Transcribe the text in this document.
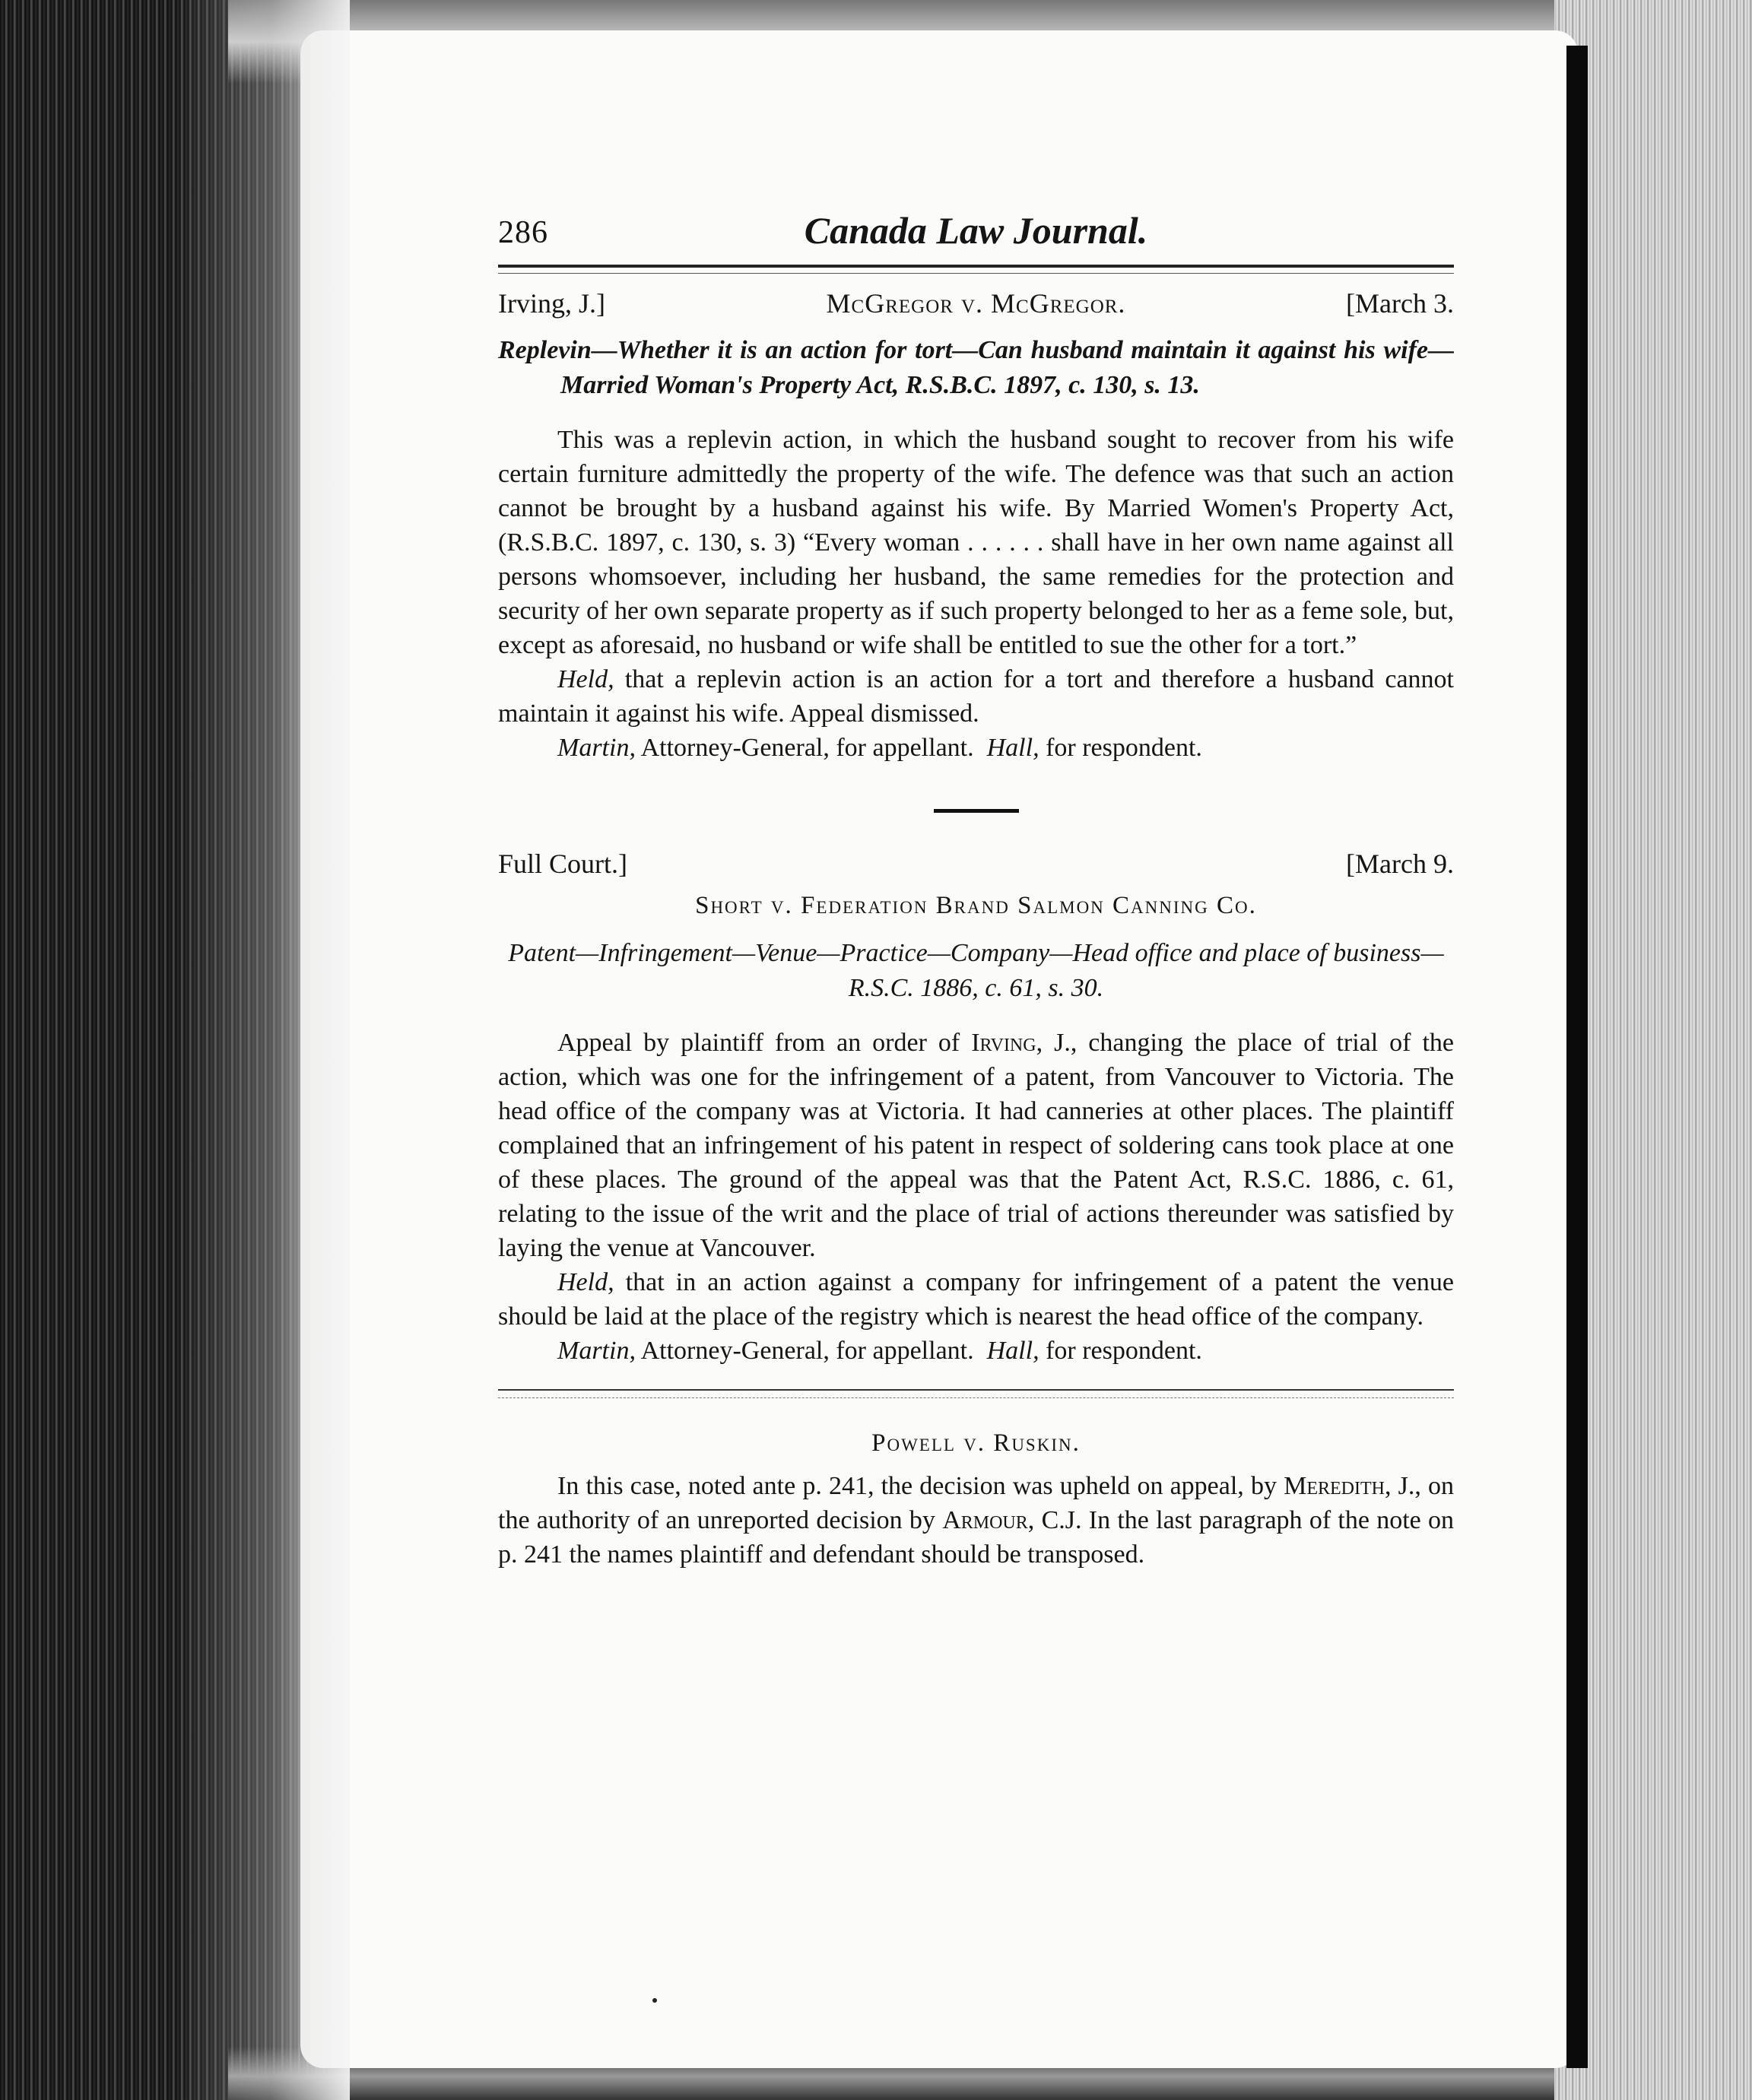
286	Canada Law Journal.
Irving, J.]	McGregor v. McGregor.	[March 3.
Replevin—Whether it is an action for tort—Can husband maintain it against his wife—Married Woman's Property Act, R.S.B.C. 1897, c. 130, s. 13.

This was a replevin action, in which the husband sought to recover from his wife certain furniture admittedly the property of the wife. The defence was that such an action cannot be brought by a husband against his wife. By Married Women's Property Act, (R.S.B.C. 1897, c. 130, s. 3) “Every woman . . . . . . shall have in her own name against all persons whomsoever, including her husband, the same remedies for the protection and security of her own separate property as if such property belonged to her as a feme sole, but, except as aforesaid, no husband or wife shall be entitled to sue the other for a tort.”

Held, that a replevin action is an action for a tort and therefore a husband cannot maintain it against his wife. Appeal dismissed.

Martin, Attorney-General, for appellant. Hall, for respondent.

Full Court.]	[March 9.
Short v. Federation Brand Salmon Canning Co.
Patent—Infringement—Venue—Practice—Company—Head office and place of business—R.S.C. 1886, c. 61, s. 30.

Appeal by plaintiff from an order of Irving, J., changing the place of trial of the action, which was one for the infringement of a patent, from Vancouver to Victoria. The head office of the company was at Victoria. It had canneries at other places. The plaintiff complained that an infringement of his patent in respect of soldering cans took place at one of these places. The ground of the appeal was that the Patent Act, R.S.C. 1886, c. 61, relating to the issue of the writ and the place of trial of actions thereunder was satisfied by laying the venue at Vancouver.

Held, that in an action against a company for infringement of a patent the venue should be laid at the place of the registry which is nearest the head office of the company.

Martin, Attorney-General, for appellant. Hall, for respondent.

Powell v. Ruskin.

In this case, noted ante p. 241, the decision was upheld on appeal, by Meredith, J., on the authority of an unreported decision by Armour, C.J. In the last paragraph of the note on p. 241 the names plaintiff and defendant should be transposed.
